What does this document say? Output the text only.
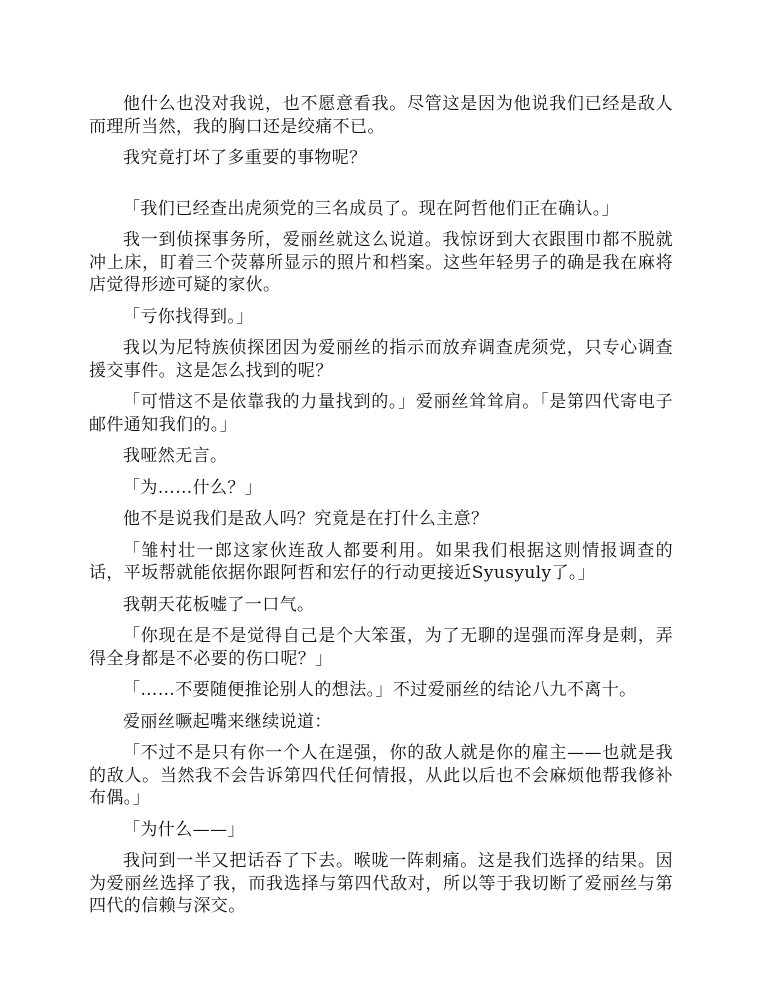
他什么也没对我说，也不愿意看我。尽管这是因为他说我们已经是敌人而理所当然，我的胸口还是绞痛不已。

我究竟打坏了多重要的事物呢？

「我们已经查出虎须党的三名成员了。现在阿哲他们正在确认。」

我一到侦探事务所，爱丽丝就这么说道。我惊讶到大衣跟围巾都不脱就冲上床，盯着三个荧幕所显示的照片和档案。这些年轻男子的确是我在麻将店觉得形迹可疑的家伙。

「亏你找得到。」

我以为尼特族侦探团因为爱丽丝的指示而放弃调查虎须党，只专心调查援交事件。这是怎么找到的呢？

「可惜这不是依靠我的力量找到的。」爱丽丝耸耸肩。「是第四代寄电子邮件通知我们的。」

我哑然无言。

「为……什么？」

他不是说我们是敌人吗？究竟是在打什么主意？

「雏村壮一郎这家伙连敌人都要利用。如果我们根据这则情报调查的话，平坂帮就能依据你跟阿哲和宏仔的行动更接近Syusyuly了。」

我朝天花板嘘了一口气。

「你现在是不是觉得自己是个大笨蛋，为了无聊的逞强而浑身是刺，弄得全身都是不必要的伤口呢？」

「……不要随便推论别人的想法。」不过爱丽丝的结论八九不离十。

爱丽丝噘起嘴来继续说道：

「不过不是只有你一个人在逞强，你的敌人就是你的雇主——也就是我的敌人。当然我不会告诉第四代任何情报，从此以后也不会麻烦他帮我修补布偶。」

「为什么——」

我问到一半又把话吞了下去。喉咙一阵刺痛。这是我们选择的结果。因为爱丽丝选择了我，而我选择与第四代敌对，所以等于我切断了爱丽丝与第四代的信赖与深交。
